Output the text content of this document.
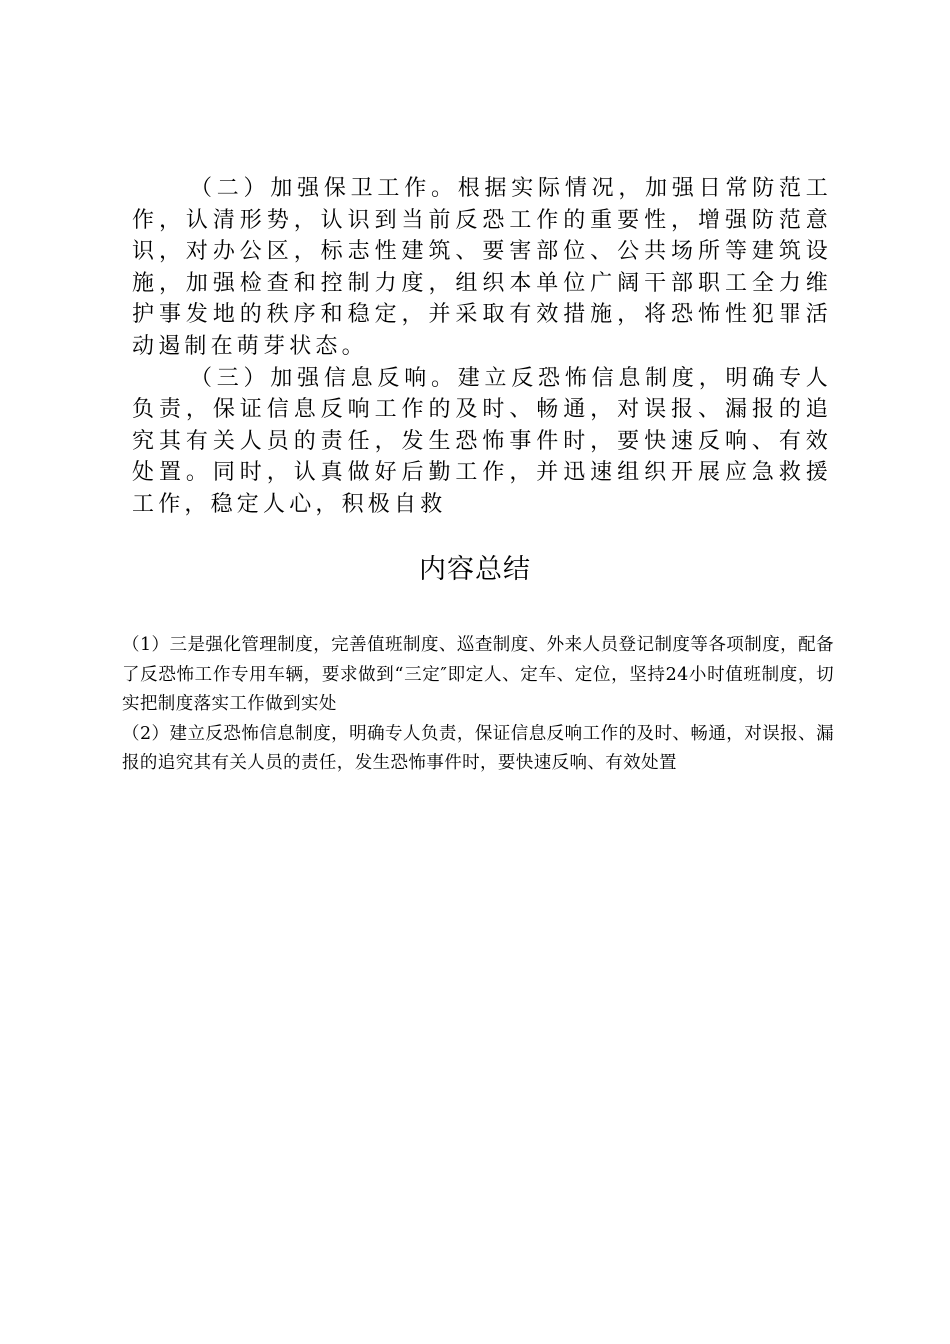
（二）加强保卫工作。根据实际情况，加强日常防范工作，认清形势，认识到当前反恐工作的重要性，增强防范意识，对办公区，标志性建筑、要害部位、公共场所等建筑设施，加强检查和控制力度，组织本单位广阔干部职工全力维护事发地的秩序和稳定，并采取有效措施，将恐怖性犯罪活动遏制在萌芽状态。

（三）加强信息反响。建立反恐怖信息制度，明确专人负责，保证信息反响工作的及时、畅通，对误报、漏报的追究其有关人员的责任，发生恐怖事件时，要快速反响、有效处置。同时，认真做好后勤工作，并迅速组织开展应急救援工作，稳定人心，积极自救

内容总结

（1）三是强化管理制度，完善值班制度、巡查制度、外来人员登记制度等各项制度，配备了反恐怖工作专用车辆，要求做到“三定″即定人、定车、定位，坚持24小时值班制度，切实把制度落实工作做到实处

（2）建立反恐怖信息制度，明确专人负责，保证信息反响工作的及时、畅通，对误报、漏报的追究其有关人员的责任，发生恐怖事件时，要快速反响、有效处置
